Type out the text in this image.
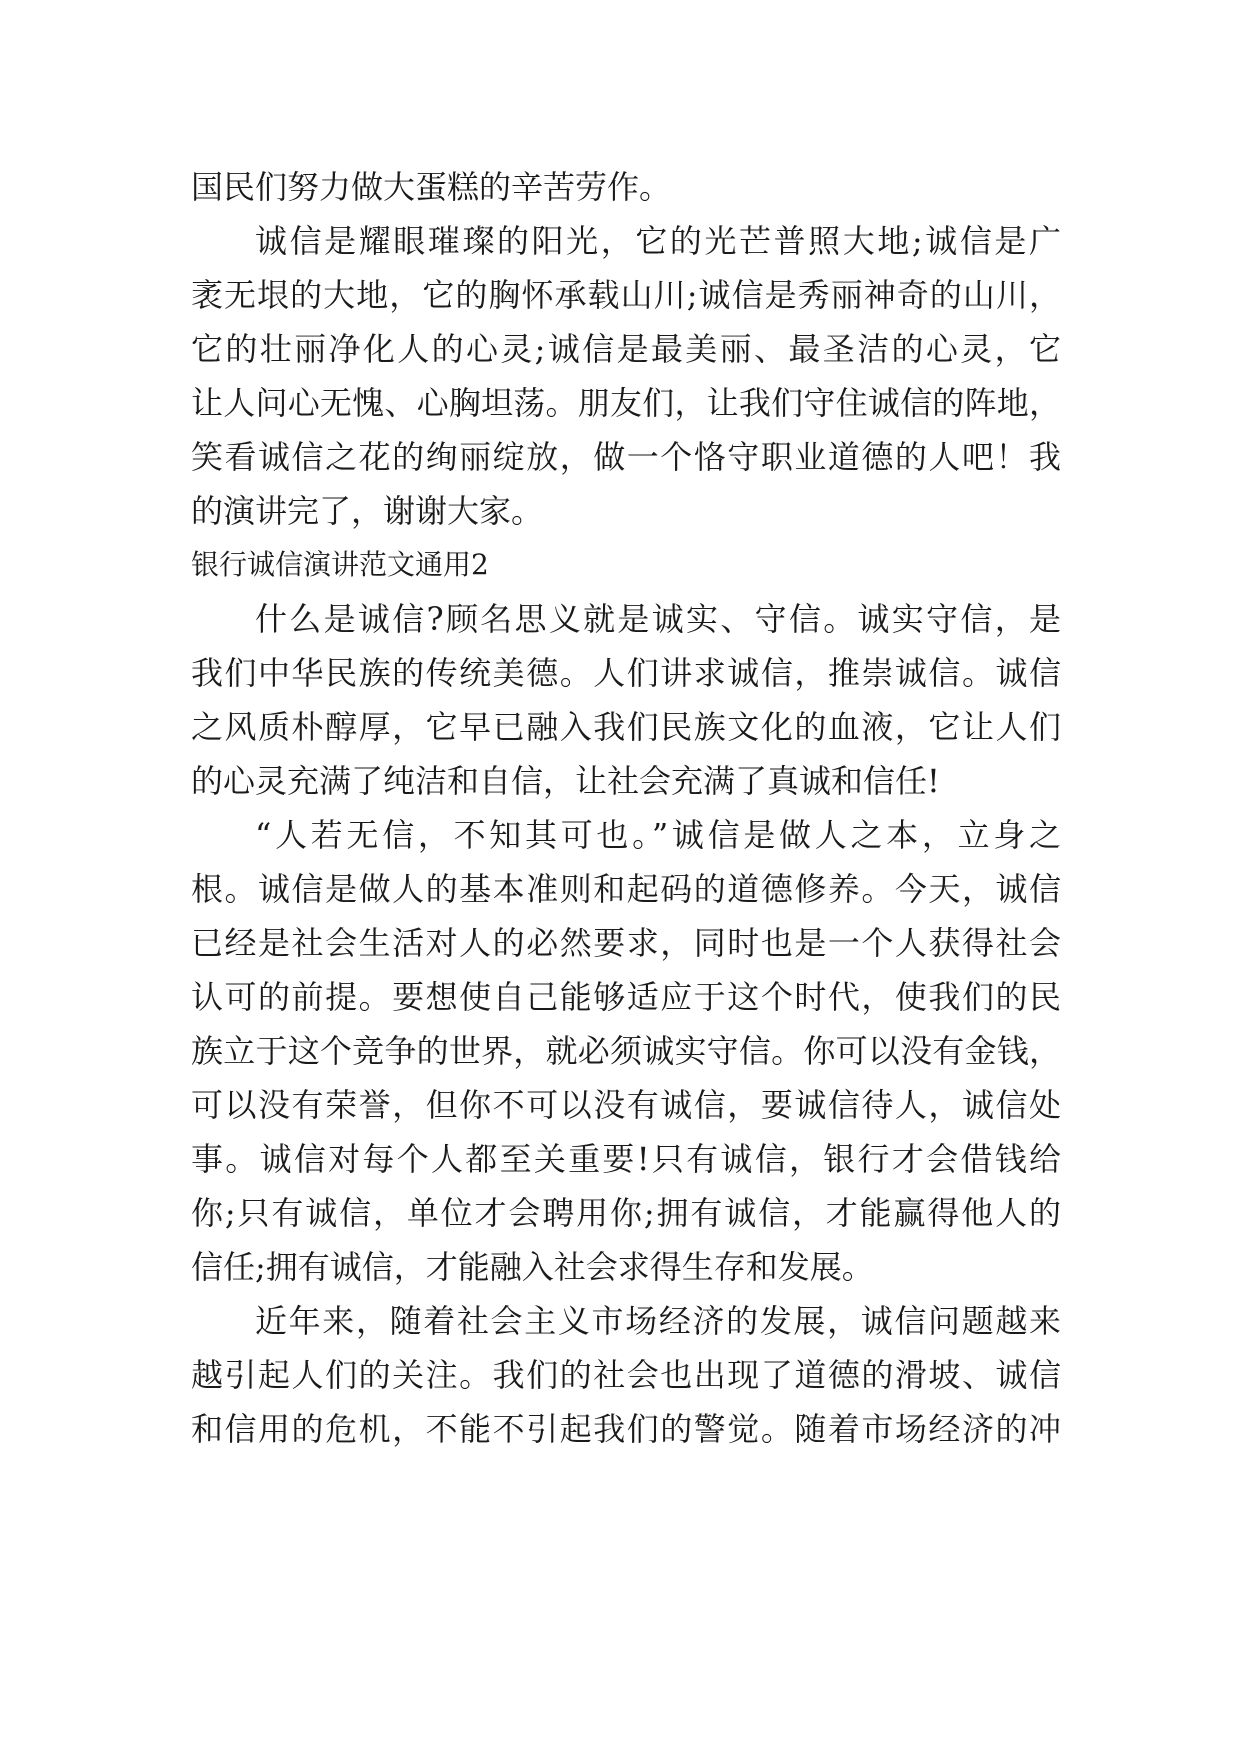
国民们努力做大蛋糕的辛苦劳作。
诚信是耀眼璀璨的阳光，它的光芒普照大地;诚信是广
袤无垠的大地，它的胸怀承载山川;诚信是秀丽神奇的山川，
它的壮丽净化人的心灵;诚信是最美丽、最圣洁的心灵，它
让人问心无愧、心胸坦荡。朋友们，让我们守住诚信的阵地，
笑看诚信之花的绚丽绽放，做一个恪守职业道德的人吧！我
的演讲完了，谢谢大家。
银行诚信演讲范文通用2
什么是诚信?顾名思义就是诚实、守信。诚实守信，是
我们中华民族的传统美德。人们讲求诚信，推崇诚信。诚信
之风质朴醇厚，它早已融入我们民族文化的血液，它让人们
的心灵充满了纯洁和自信，让社会充满了真诚和信任!
“人若无信，不知其可也。”诚信是做人之本，立身之
根。诚信是做人的基本准则和起码的道德修养。今天，诚信
已经是社会生活对人的必然要求，同时也是一个人获得社会
认可的前提。要想使自己能够适应于这个时代，使我们的民
族立于这个竞争的世界，就必须诚实守信。你可以没有金钱，
可以没有荣誉，但你不可以没有诚信，要诚信待人，诚信处
事。诚信对每个人都至关重要!只有诚信，银行才会借钱给
你;只有诚信，单位才会聘用你;拥有诚信，才能赢得他人的
信任;拥有诚信，才能融入社会求得生存和发展。
近年来，随着社会主义市场经济的发展，诚信问题越来
越引起人们的关注。我们的社会也出现了道德的滑坡、诚信
和信用的危机，不能不引起我们的警觉。随着市场经济的冲
